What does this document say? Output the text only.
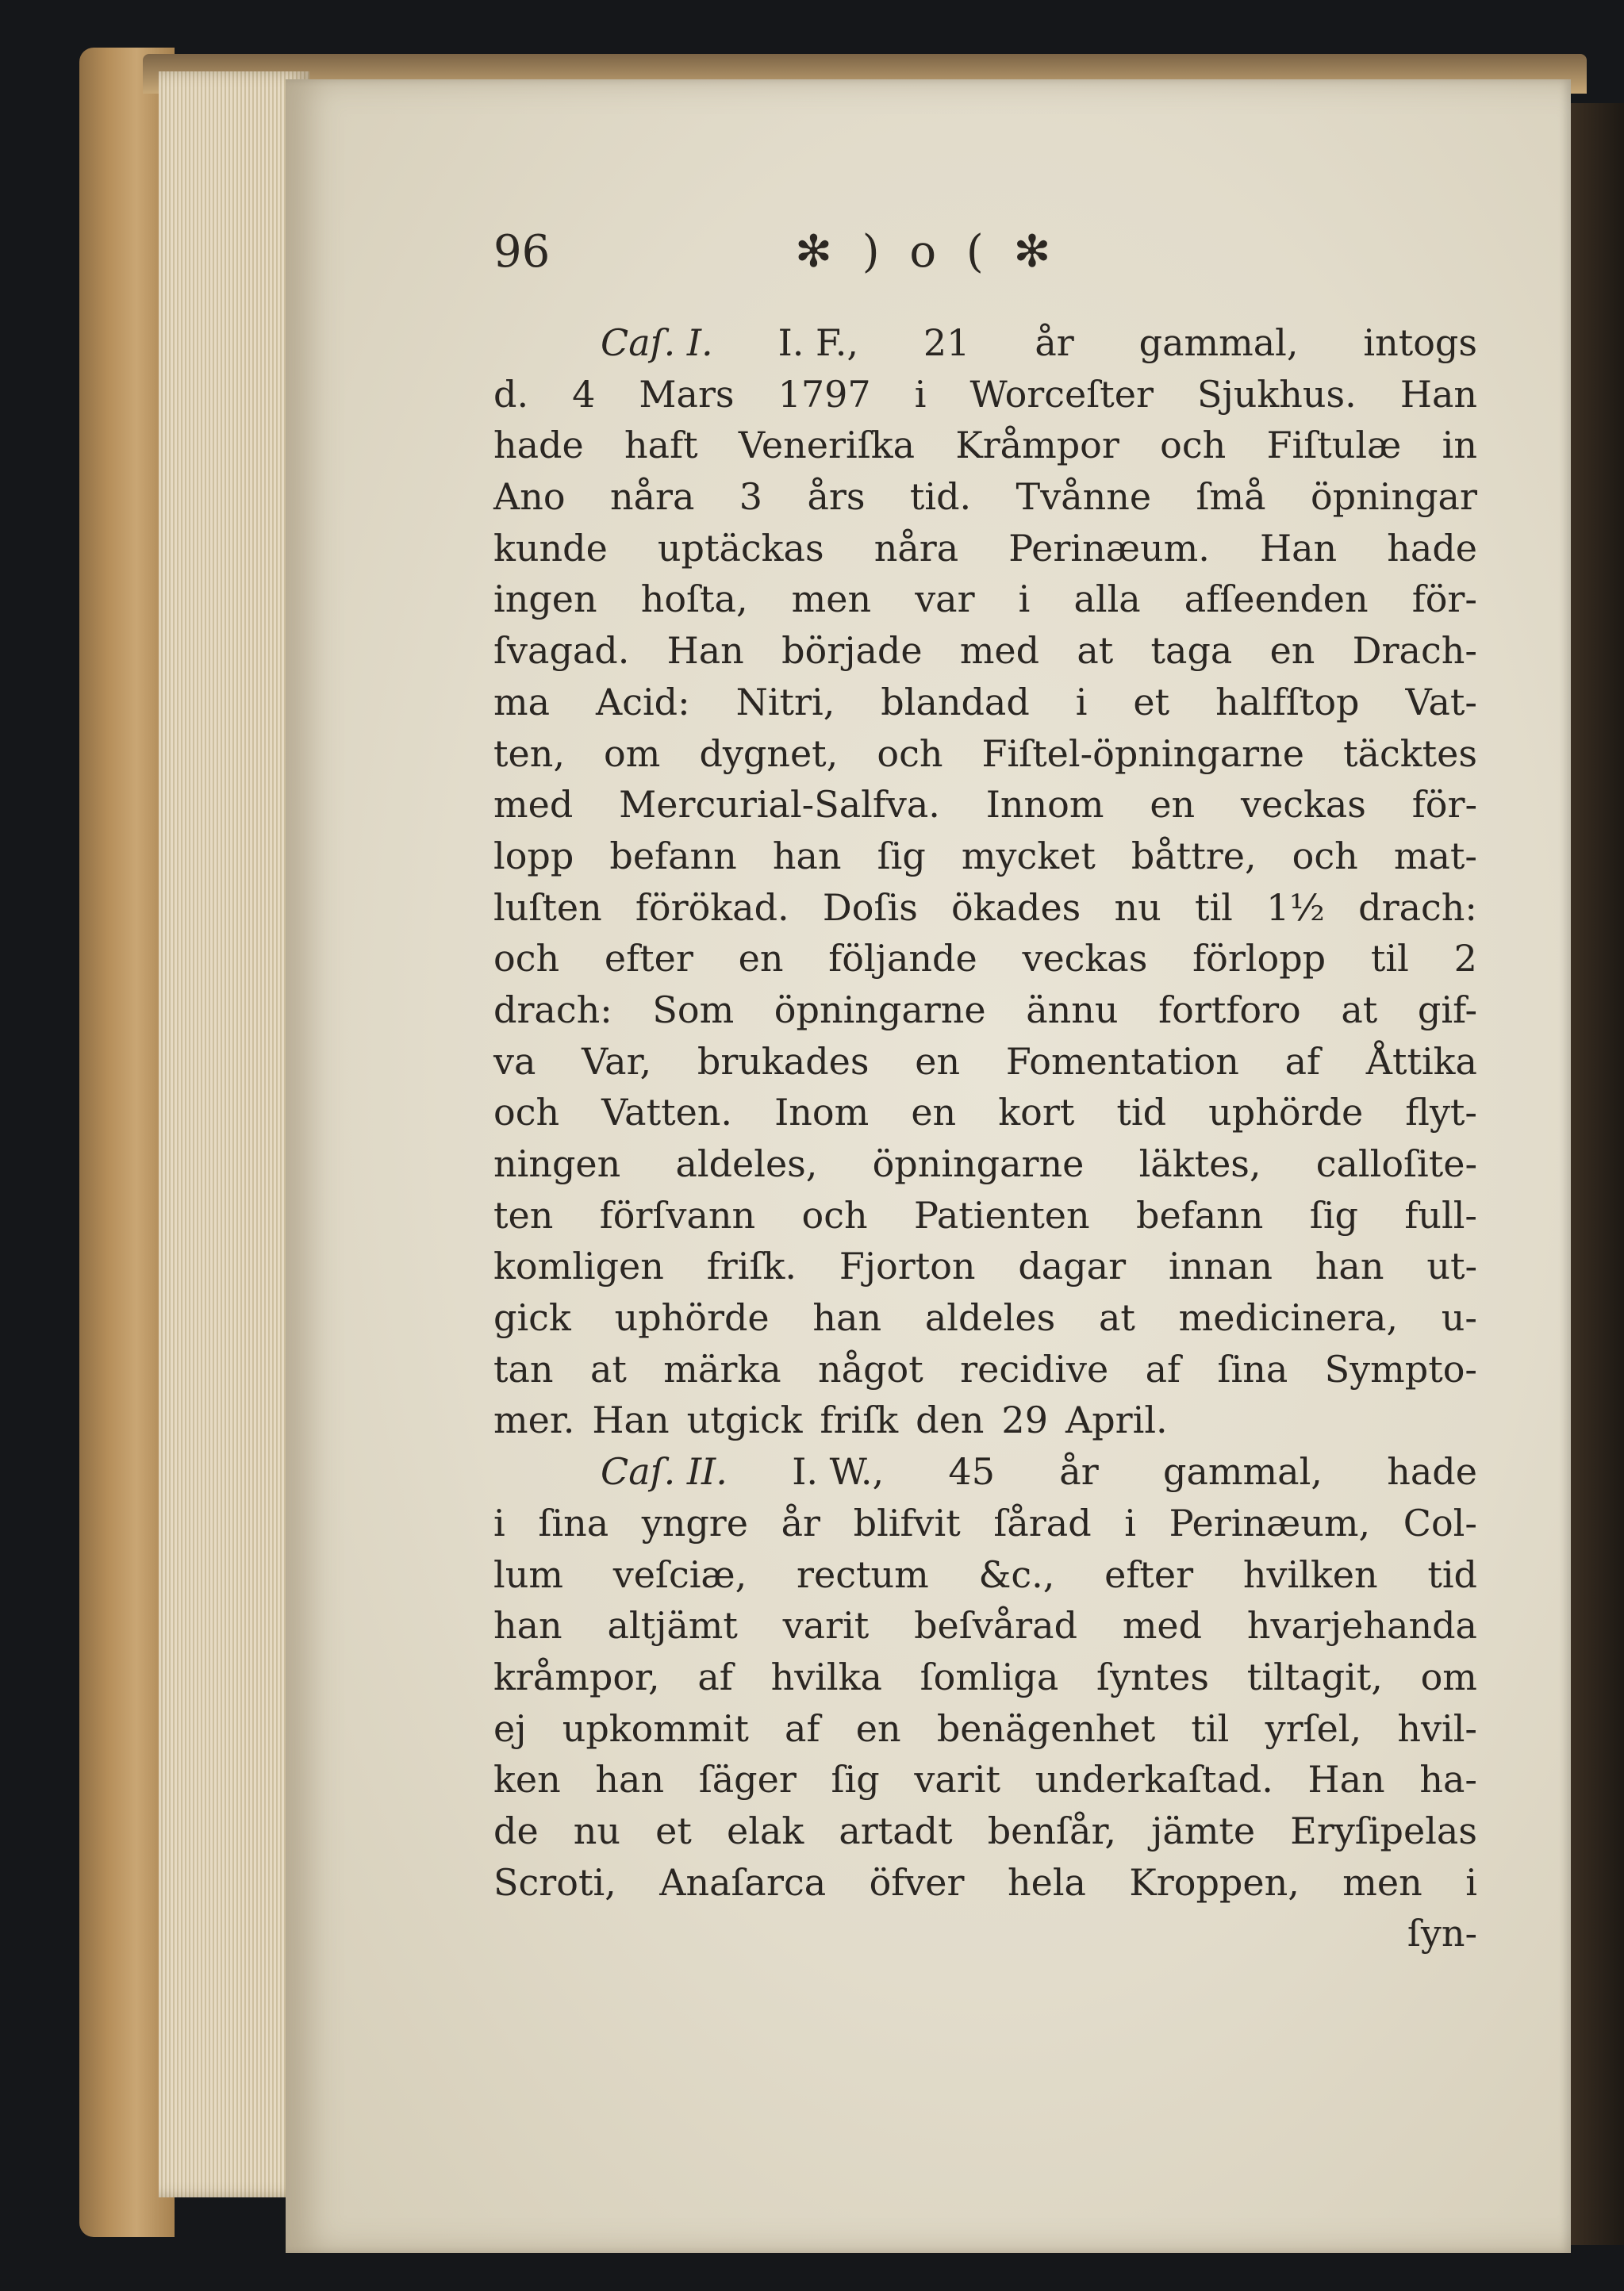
96	✻ ) o ( ✻
Caſ. I. I. F., 21 år gammal, intogs
d. 4 Mars 1797 i Worceſter Sjukhus. Han
hade haft Veneriſka Kråmpor och Fiſtulæ in
Ano nåra 3 års tid. Tvånne ſmå öpningar
kunde uptäckas nåra Perinæum. Han hade
ingen hoſta, men var i alla afſeenden för-
ſvagad. Han började med at taga en Drach-
ma Acid: Nitri, blandad i et halfſtop Vat-
ten, om dygnet, och Fiſtel-öpningarne täcktes
med Mercurial-Salfva. Innom en veckas för-
lopp befann han ſig mycket båttre, och mat-
luſten förökad. Doſis ökades nu til 1½ drach:
och efter en följande veckas förlopp til 2
drach: Som öpningarne ännu fortforo at gif-
va Var, brukades en Fomentation af Åttika
och Vatten. Inom en kort tid uphörde flyt-
ningen aldeles, öpningarne läktes, calloſite-
ten förſvann och Patienten befann ſig full-
komligen friſk. Fjorton dagar innan han ut-
gick uphörde han aldeles at medicinera, u-
tan at märka något recidive af ſina Sympto-
mer. Han utgick friſk den 29 April.
Caſ. II. I. W., 45 år gammal, hade
i ſina yngre år blifvit ſårad i Perinæum, Col-
lum veſciæ, rectum &c., efter hvilken tid
han altjämt varit beſvårad med hvarjehanda
kråmpor, af hvilka ſomliga ſyntes tiltagit, om
ej upkommit af en benägenhet til yrſel, hvil-
ken han ſäger ſig varit underkaſtad. Han ha-
de nu et elak artadt benſår, jämte Eryſipelas
Scroti, Anaſarca öfver hela Kroppen, men i
ſyn-
